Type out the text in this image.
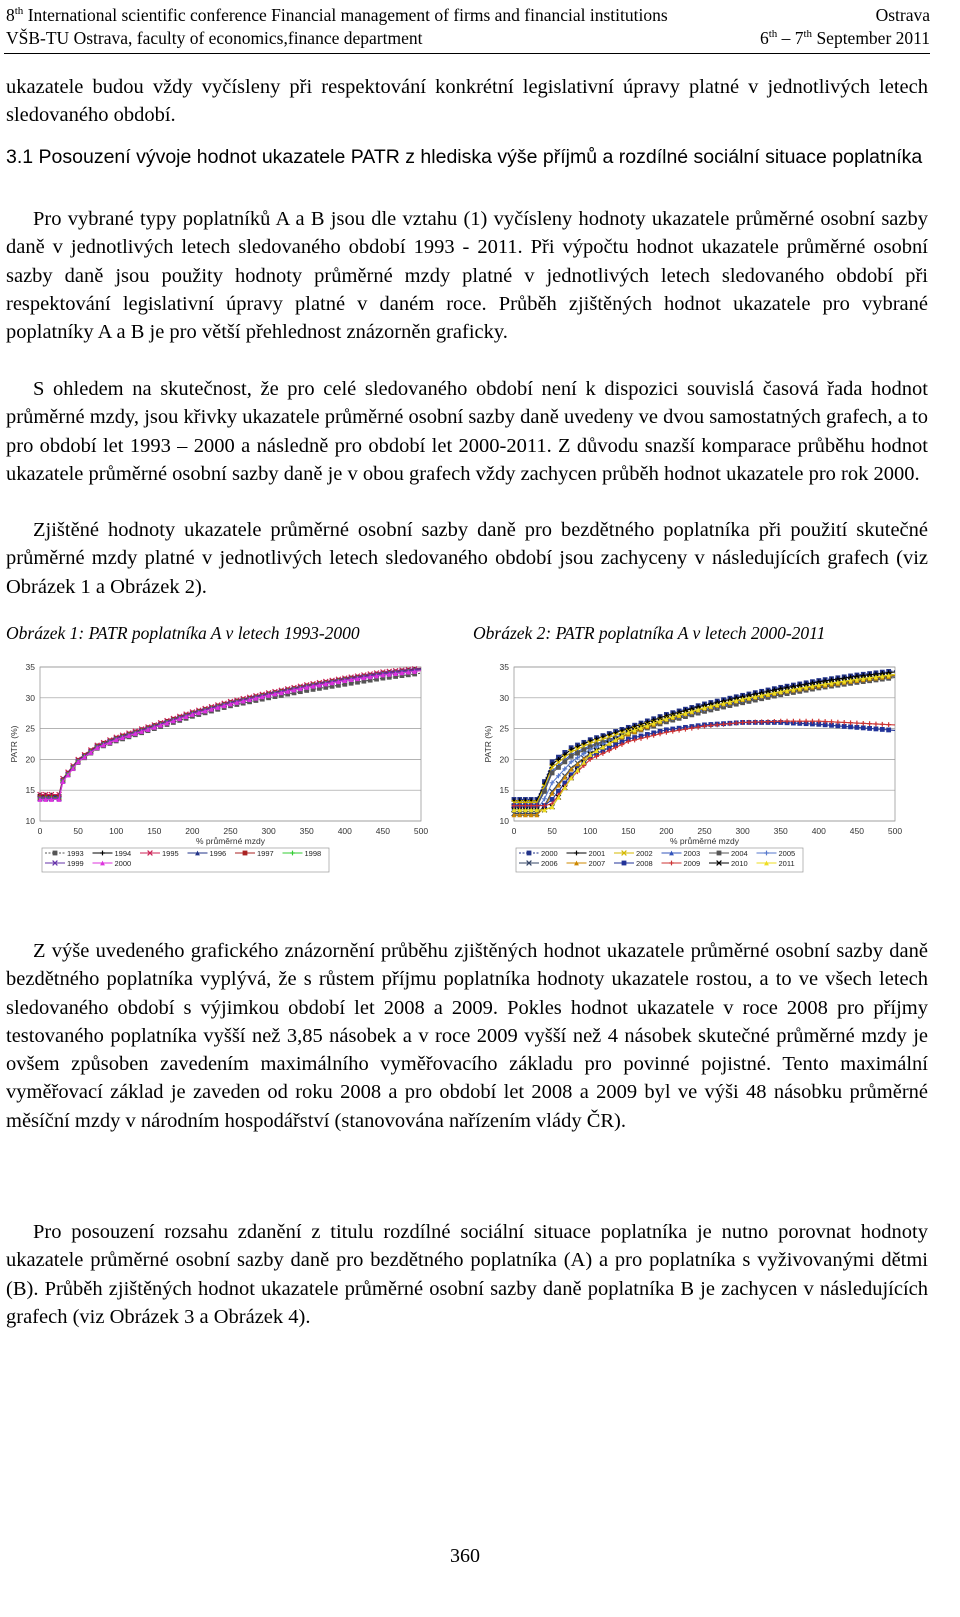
8th International scientific conference Financial management of firms and financial institutions	Ostrava
VŠB-TU Ostrava, faculty of economics,finance department	6th – 7th September 2011

ukazatele budou vždy vyčísleny při respektování konkrétní legislativní úpravy platné v jednotlivých letech sledovaného období.

3.1 Posouzení vývoje hodnot ukazatele PATR z hlediska výše příjmů a rozdílné sociální situace poplatníka

Pro vybrané typy poplatníků A a B jsou dle vztahu (1) vyčísleny hodnoty ukazatele průměrné osobní sazby daně v jednotlivých letech sledovaného období 1993 - 2011. Při výpočtu hodnot ukazatele průměrné osobní sazby daně jsou použity hodnoty průměrné mzdy platné v jednotlivých letech sledovaného období při respektování legislativní úpravy platné v daném roce. Průběh zjištěných hodnot ukazatele pro vybrané poplatníky A a B je pro větší přehlednost znázorněn graficky.

S ohledem na skutečnost, že pro celé sledovaného období není k dispozici souvislá časová řada hodnot průměrné mzdy, jsou křivky ukazatele průměrné osobní sazby daně uvedeny ve dvou samostatných grafech, a to pro období let 1993 – 2000 a následně pro období let 2000-2011. Z důvodu snazší komparace průběhu hodnot ukazatele průměrné osobní sazby daně je v obou grafech vždy zachycen průběh hodnot ukazatele pro rok 2000.

Zjištěné hodnoty ukazatele průměrné osobní sazby daně pro bezdětného poplatníka při použití skutečné průměrné mzdy platné v jednotlivých letech sledovaného období jsou zachyceny v následujících grafech (viz Obrázek 1 a Obrázek 2).

Obrázek 1: PATR poplatníka A v letech 1993-2000	Obrázek 2: PATR poplatníka A v letech 2000-2011
10
15
20
25
30
35
0	50	100	150	200	250	300	350	400	450	500
% průměrné mzdy
PATR (%)
1993	1994	1995	1996	1997	1998
1999	2000
10
15
20
25
30
35
0	50	100	150	200	250	300	350	400	450	500
% průměrné mzdy
PATR (%)
2000	2001	2002	2003	2004	2005
2006	2007	2008	2009	2010	2011

Z výše uvedeného grafického znázornění průběhu zjištěných hodnot ukazatele průměrné osobní sazby daně bezdětného poplatníka vyplývá, že s růstem příjmu poplatníka hodnoty ukazatele rostou, a to ve všech letech sledovaného období s výjimkou období let 2008 a 2009. Pokles hodnot ukazatele v roce 2008 pro příjmy testovaného poplatníka vyšší než 3,85 násobek a v roce 2009 vyšší než 4 násobek skutečné průměrné mzdy je ovšem způsoben zavedením maximálního vyměřovacího základu pro povinné pojistné. Tento maximální vyměřovací základ je zaveden od roku 2008 a pro období let 2008 a 2009 byl ve výši 48 násobku průměrné měsíční mzdy v národním hospodářství (stanovována nařízením vlády ČR).

Pro posouzení rozsahu zdanění z titulu rozdílné sociální situace poplatníka je nutno porovnat hodnoty ukazatele průměrné osobní sazby daně pro bezdětného poplatníka (A) a pro poplatníka s vyživovanými dětmi (B). Průběh zjištěných hodnot ukazatele průměrné osobní sazby daně poplatníka B je zachycen v následujících grafech (viz Obrázek 3 a Obrázek 4).

360
